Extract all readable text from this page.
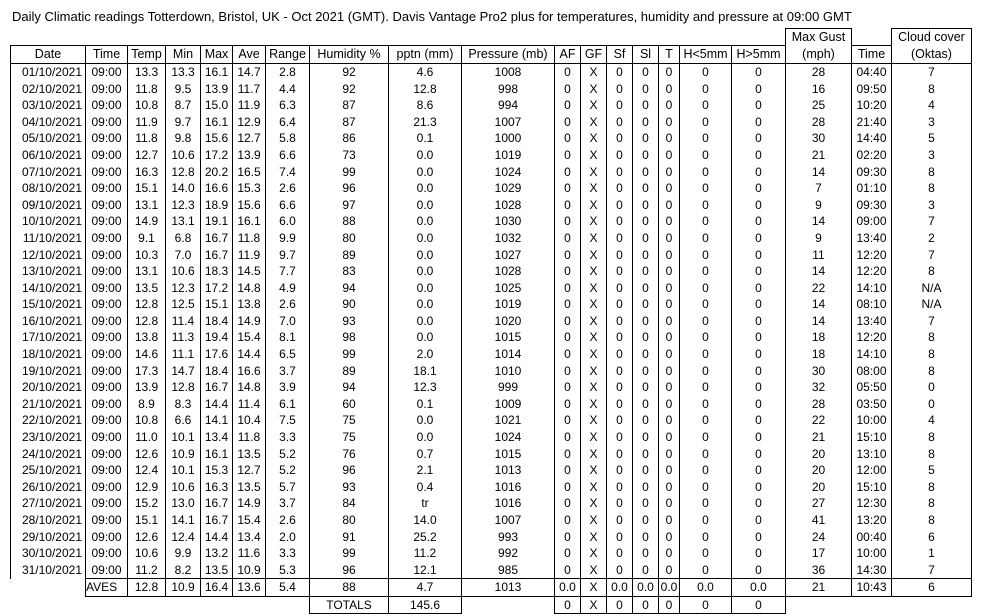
Daily Climatic readings Totterdown, Bristol, UK - Oct 2021 (GMT). Davis Vantage Pro2 plus for temperatures, humidity and pressure at 09:00 GMT
																	Max Gust		Cloud cover
Date	Time	Temp	Min	Max	Ave	Range	Humidity %	pptn (mm)	Pressure (mb)	AF	GF	Sf	Sl	T	H<5mm	H>5mm	(mph)	Time	(Oktas)
01/10/2021	09:00	13.3	13.3	16.1	14.7	2.8	92	4.6	1008	0	X	0	0	0	0	0	28	04:40	7
02/10/2021	09:00	11.8	9.5	13.9	11.7	4.4	92	12.8	998	0	X	0	0	0	0	0	16	09:50	8
03/10/2021	09:00	10.8	8.7	15.0	11.9	6.3	87	8.6	994	0	X	0	0	0	0	0	25	10:20	4
04/10/2021	09:00	11.9	9.7	16.1	12.9	6.4	87	21.3	1007	0	X	0	0	0	0	0	28	21:40	3
05/10/2021	09:00	11.8	9.8	15.6	12.7	5.8	86	0.1	1000	0	X	0	0	0	0	0	30	14:40	5
06/10/2021	09:00	12.7	10.6	17.2	13.9	6.6	73	0.0	1019	0	X	0	0	0	0	0	21	02:20	3
07/10/2021	09:00	16.3	12.8	20.2	16.5	7.4	99	0.0	1024	0	X	0	0	0	0	0	14	09:30	8
08/10/2021	09:00	15.1	14.0	16.6	15.3	2.6	96	0.0	1029	0	X	0	0	0	0	0	7	01:10	8
09/10/2021	09:00	13.1	12.3	18.9	15.6	6.6	97	0.0	1028	0	X	0	0	0	0	0	9	09:30	3
10/10/2021	09:00	14.9	13.1	19.1	16.1	6.0	88	0.0	1030	0	X	0	0	0	0	0	14	09:00	7
11/10/2021	09:00	9.1	6.8	16.7	11.8	9.9	80	0.0	1032	0	X	0	0	0	0	0	9	13:40	2
12/10/2021	09:00	10.3	7.0	16.7	11.9	9.7	89	0.0	1027	0	X	0	0	0	0	0	11	12:20	7
13/10/2021	09:00	13.1	10.6	18.3	14.5	7.7	83	0.0	1028	0	X	0	0	0	0	0	14	12:20	8
14/10/2021	09:00	13.5	12.3	17.2	14.8	4.9	94	0.0	1025	0	X	0	0	0	0	0	22	14:10	N/A
15/10/2021	09:00	12.8	12.5	15.1	13.8	2.6	90	0.0	1019	0	X	0	0	0	0	0	14	08:10	N/A
16/10/2021	09:00	12.8	11.4	18.4	14.9	7.0	93	0.0	1020	0	X	0	0	0	0	0	14	13:40	7
17/10/2021	09:00	13.8	11.3	19.4	15.4	8.1	98	0.0	1015	0	X	0	0	0	0	0	18	12:20	8
18/10/2021	09:00	14.6	11.1	17.6	14.4	6.5	99	2.0	1014	0	X	0	0	0	0	0	18	14:10	8
19/10/2021	09:00	17.3	14.7	18.4	16.6	3.7	89	18.1	1010	0	X	0	0	0	0	0	30	08:00	8
20/10/2021	09:00	13.9	12.8	16.7	14.8	3.9	94	12.3	999	0	X	0	0	0	0	0	32	05:50	0
21/10/2021	09:00	8.9	8.3	14.4	11.4	6.1	60	0.1	1009	0	X	0	0	0	0	0	28	03:50	0
22/10/2021	09:00	10.8	6.6	14.1	10.4	7.5	75	0.0	1021	0	X	0	0	0	0	0	22	10:00	4
23/10/2021	09:00	11.0	10.1	13.4	11.8	3.3	75	0.0	1024	0	X	0	0	0	0	0	21	15:10	8
24/10/2021	09:00	12.6	10.9	16.1	13.5	5.2	76	0.7	1015	0	X	0	0	0	0	0	20	13:10	8
25/10/2021	09:00	12.4	10.1	15.3	12.7	5.2	96	2.1	1013	0	X	0	0	0	0	0	20	12:00	5
26/10/2021	09:00	12.9	10.6	16.3	13.5	5.7	93	0.4	1016	0	X	0	0	0	0	0	20	15:10	8
27/10/2021	09:00	15.2	13.0	16.7	14.9	3.7	84	tr	1016	0	X	0	0	0	0	0	27	12:30	8
28/10/2021	09:00	15.1	14.1	16.7	15.4	2.6	80	14.0	1007	0	X	0	0	0	0	0	41	13:20	8
29/10/2021	09:00	12.6	12.4	14.4	13.4	2.0	91	25.2	993	0	X	0	0	0	0	0	24	00:40	6
30/10/2021	09:00	10.6	9.9	13.2	11.6	3.3	99	11.2	992	0	X	0	0	0	0	0	17	10:00	1
31/10/2021	09:00	11.2	8.2	13.5	10.9	5.3	96	12.1	985	0	X	0	0	0	0	0	36	14:30	7
	AVES	12.8	10.9	16.4	13.6	5.4	88	4.7	1013	0.0	X	0.0	0.0	0.0	0.0	0.0	21	10:43	6
							TOTALS	145.6		0	X	0	0	0	0	0			
